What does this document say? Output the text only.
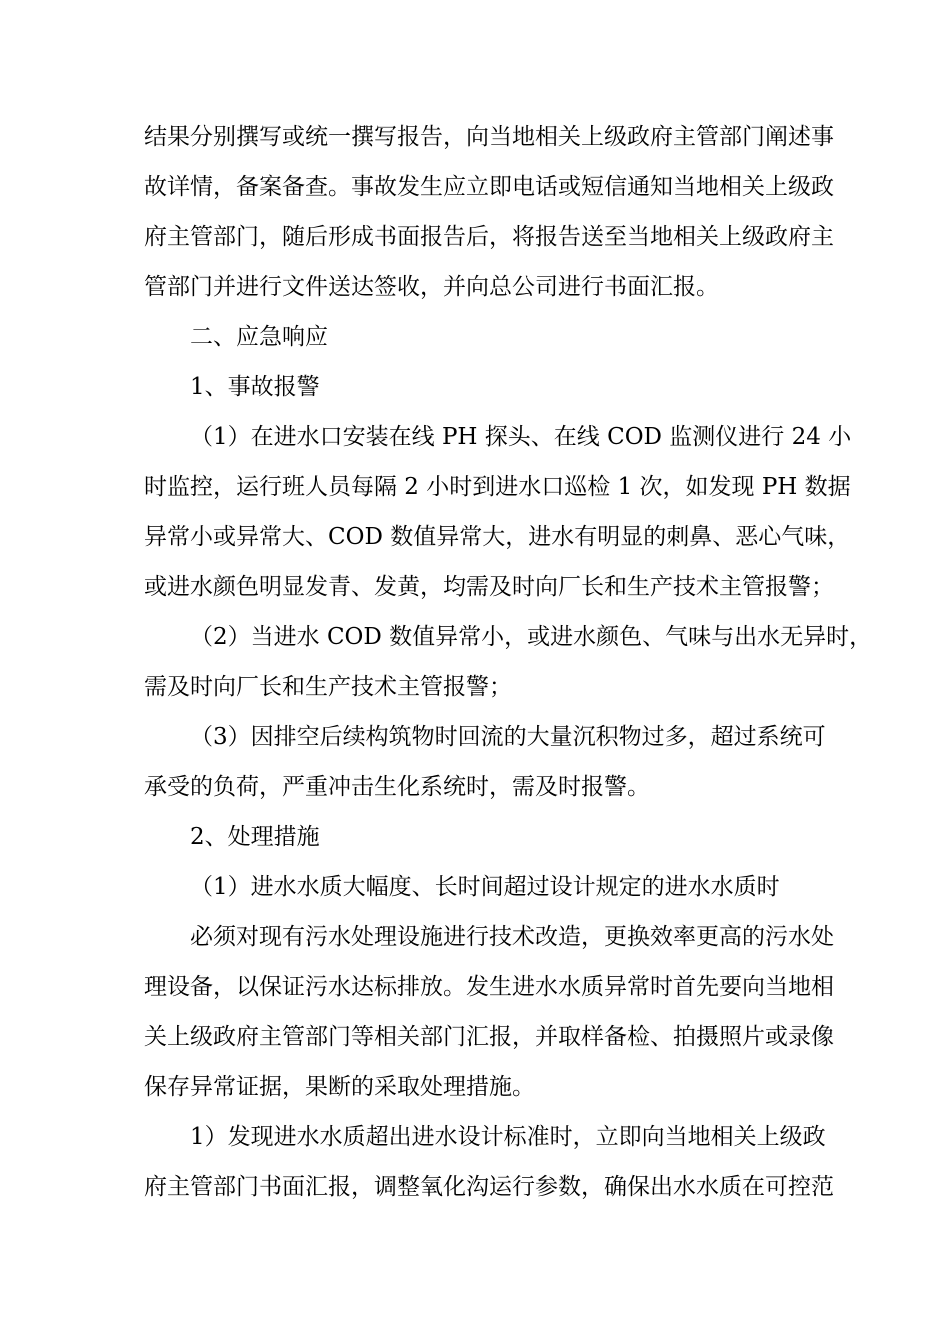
结果分别撰写或统一撰写报告，向当地相关上级政府主管部门阐述事
故详情，备案备查。事故发生应立即电话或短信通知当地相关上级政
府主管部门，随后形成书面报告后，将报告送至当地相关上级政府主
管部门并进行文件送达签收，并向总公司进行书面汇报。
二、应急响应
1、事故报警
（1）在进水口安装在线 PH 探头、在线 COD 监测仪进行 24 小
时监控，运行班人员每隔 2 小时到进水口巡检 1 次，如发现 PH 数据
异常小或异常大、COD 数值异常大，进水有明显的刺鼻、恶心气味，
或进水颜色明显发青、发黄，均需及时向厂长和生产技术主管报警；
（2）当进水 COD 数值异常小，或进水颜色、气味与出水无异时，
需及时向厂长和生产技术主管报警；
（3）因排空后续构筑物时回流的大量沉积物过多，超过系统可
承受的负荷，严重冲击生化系统时，需及时报警。
2、处理措施
（1）进水水质大幅度、长时间超过设计规定的进水水质时
必须对现有污水处理设施进行技术改造，更换效率更高的污水处
理设备，以保证污水达标排放。发生进水水质异常时首先要向当地相
关上级政府主管部门等相关部门汇报，并取样备检、拍摄照片或录像
保存异常证据，果断的采取处理措施。
1）发现进水水质超出进水设计标准时，立即向当地相关上级政
府主管部门书面汇报，调整氧化沟运行参数，确保出水水质在可控范
